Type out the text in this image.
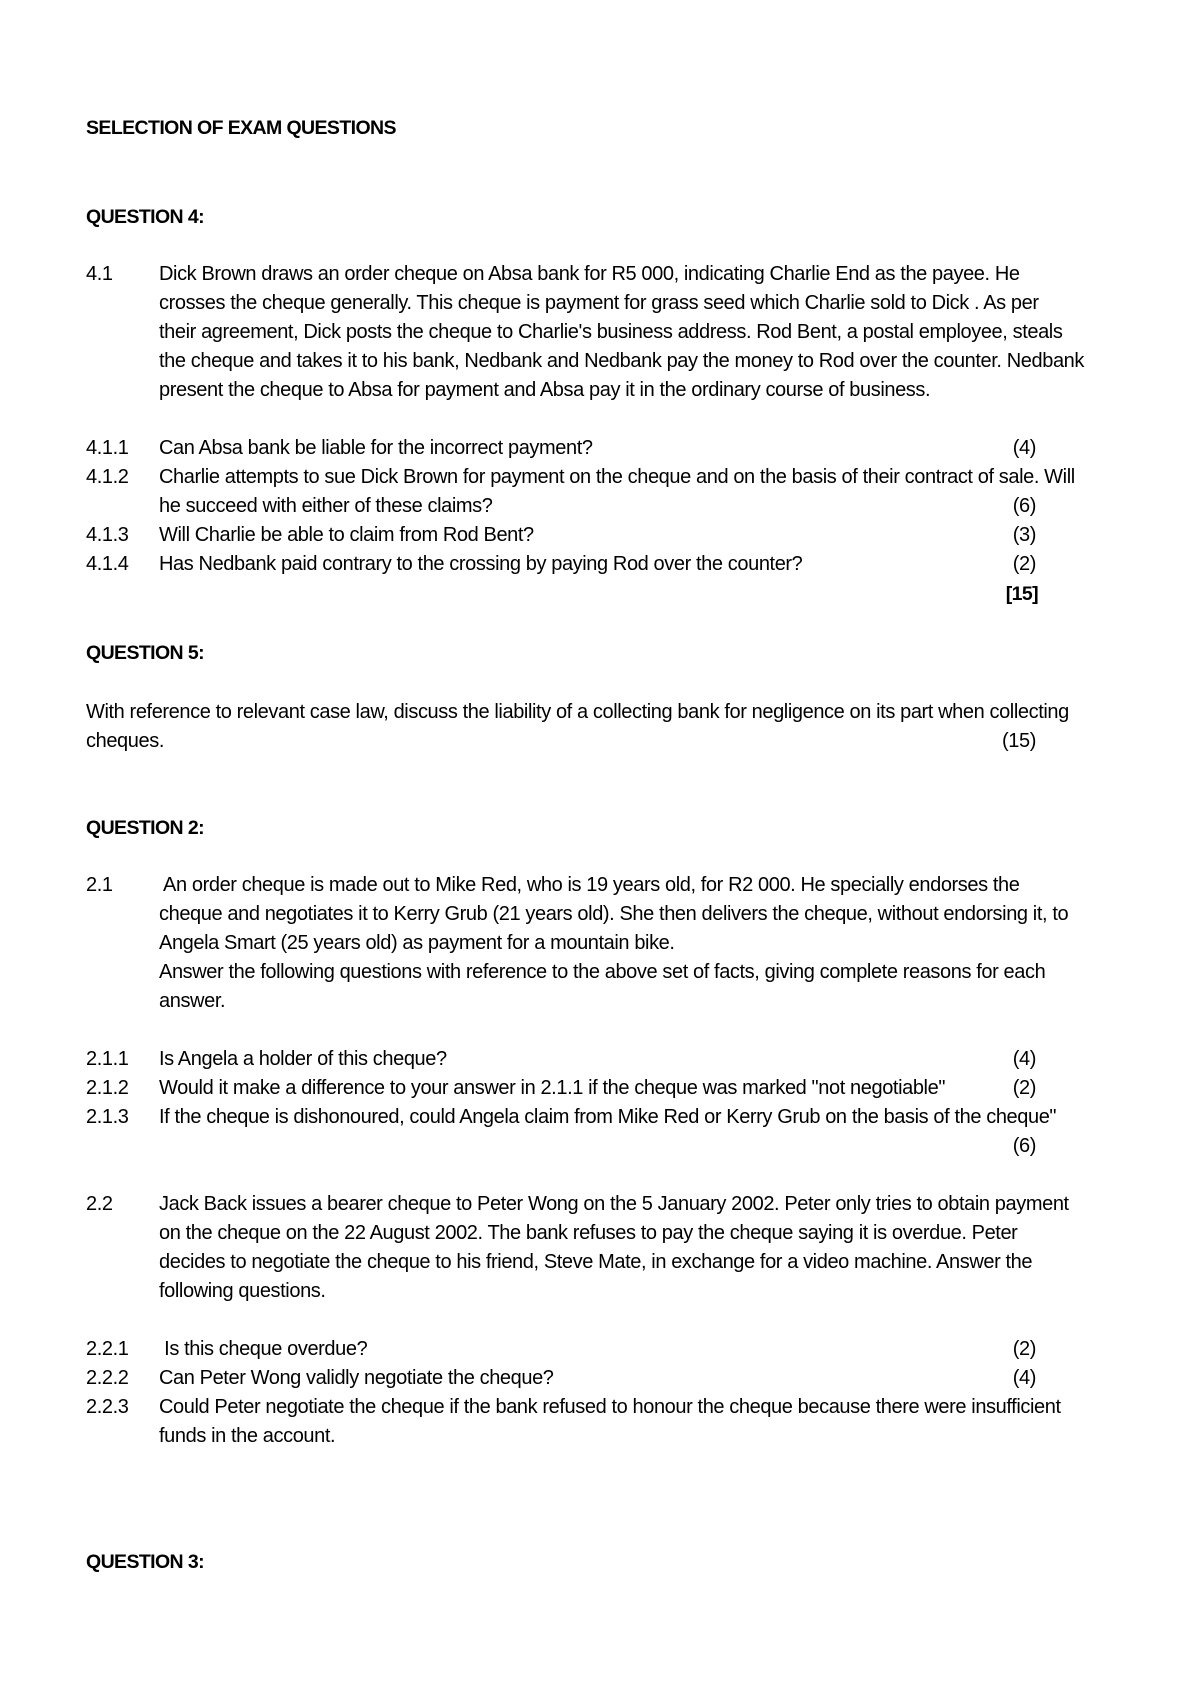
SELECTION OF EXAM QUESTIONS
QUESTION 4:
4.1 Dick Brown draws an order cheque on Absa bank for R5 000, indicating Charlie End as the payee. He
crosses the cheque generally. This cheque is payment for grass seed which Charlie sold to Dick . As per
their agreement, Dick posts the cheque to Charlie's business address. Rod Bent, a postal employee, steals
the cheque and takes it to his bank, Nedbank and Nedbank pay the money to Rod over the counter. Nedbank
present the cheque to Absa for payment and Absa pay it in the ordinary course of business.
4.1.1 Can Absa bank be liable for the incorrect payment?	(4)
4.1.2 Charlie attempts to sue Dick Brown for payment on the cheque and on the basis of their contract of sale. Will
he succeed with either of these claims?	(6)
4.1.3 Will Charlie be able to claim from Rod Bent?	(3)
4.1.4 Has Nedbank paid contrary to the crossing by paying Rod over the counter?	(2)
[15]
QUESTION 5:
With reference to relevant case law, discuss the liability of a collecting bank for negligence on its part when collecting
cheques.	(15)
QUESTION 2:
2.1 An order cheque is made out to Mike Red, who is 19 years old, for R2 000. He specially endorses the
cheque and negotiates it to Kerry Grub (21 years old). She then delivers the cheque, without endorsing it, to
Angela Smart (25 years old) as payment for a mountain bike.
Answer the following questions with reference to the above set of facts, giving complete reasons for each
answer.
2.1.1 Is Angela a holder of this cheque?	(4)
2.1.2 Would it make a difference to your answer in 2.1.1 if the cheque was marked "not negotiable"	(2)
2.1.3 If the cheque is dishonoured, could Angela claim from Mike Red or Kerry Grub on the basis of the cheque"
(6)
2.2 Jack Back issues a bearer cheque to Peter Wong on the 5 January 2002. Peter only tries to obtain payment
on the cheque on the 22 August 2002. The bank refuses to pay the cheque saying it is overdue. Peter
decides to negotiate the cheque to his friend, Steve Mate, in exchange for a video machine. Answer the
following questions.
2.2.1 Is this cheque overdue?	(2)
2.2.2 Can Peter Wong validly negotiate the cheque?	(4)
2.2.3 Could Peter negotiate the cheque if the bank refused to honour the cheque because there were insufficient
funds in the account.
QUESTION 3:
